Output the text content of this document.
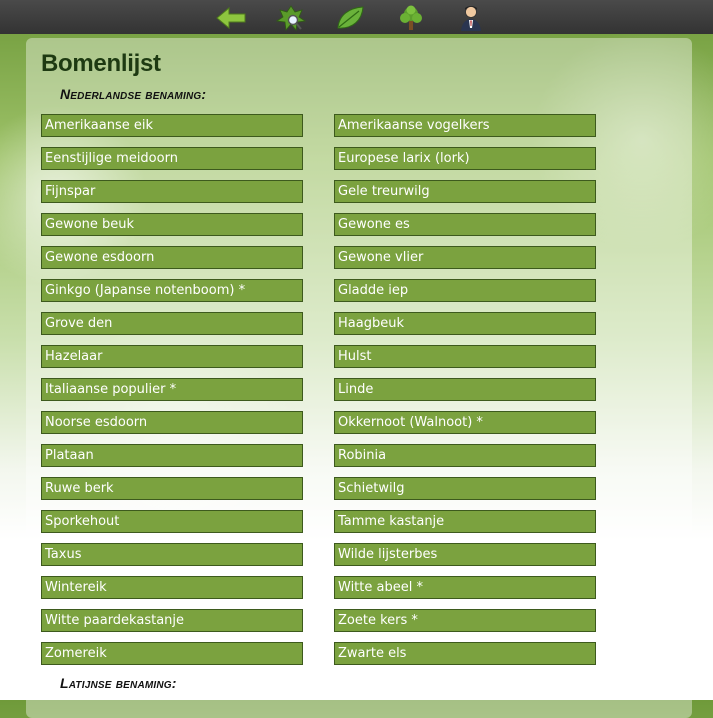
Bomenlijst

Nederlandse benaming:

Amerikaanse eik	Amerikaanse vogelkers
Eenstijlige meidoorn	Europese larix (lork)
Fijnspar	Gele treurwilg
Gewone beuk	Gewone es
Gewone esdoorn	Gewone vlier
Ginkgo (Japanse notenboom) *	Gladde iep
Grove den	Haagbeuk
Hazelaar	Hulst
Italiaanse populier *	Linde
Noorse esdoorn	Okkernoot (Walnoot) *
Plataan	Robinia
Ruwe berk	Schietwilg
Sporkehout	Tamme kastanje
Taxus	Wilde lijsterbes
Wintereik	Witte abeel *
Witte paardekastanje	Zoete kers *
Zomereik	Zwarte els

Latijnse benaming:
